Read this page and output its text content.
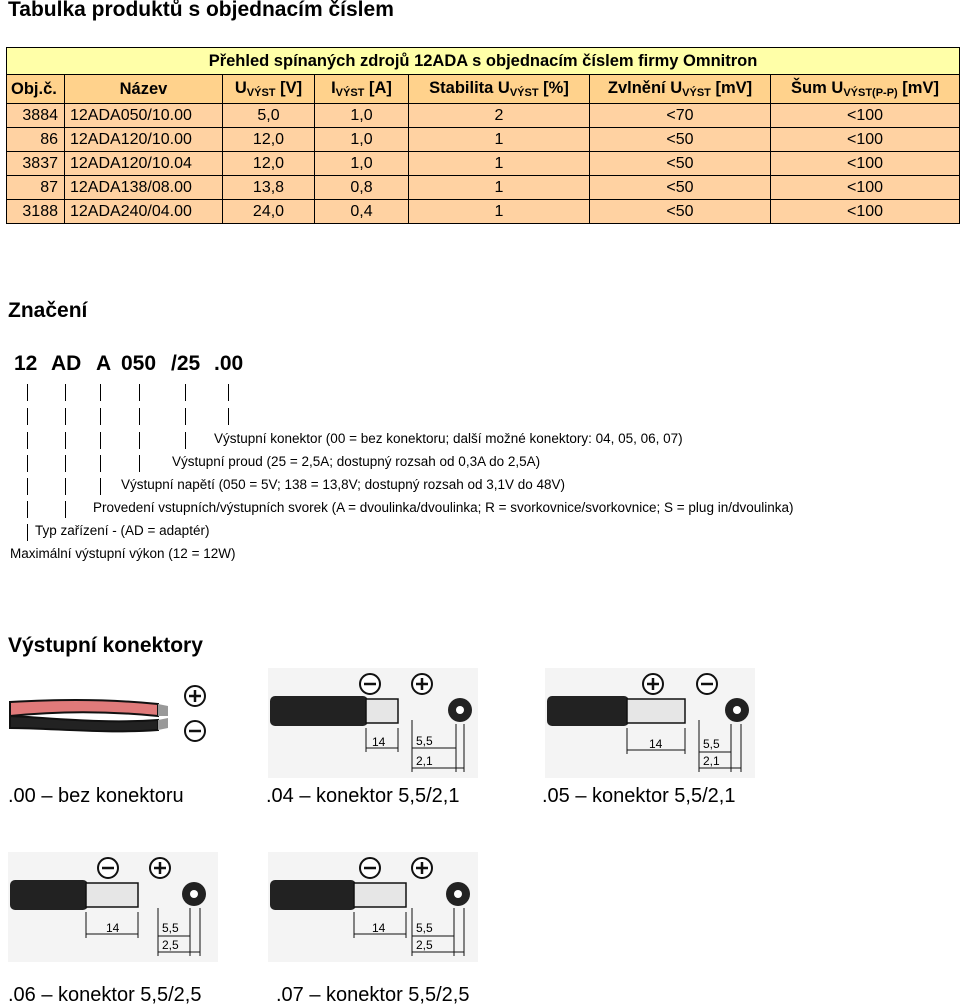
Tabulka produktů s objednacím číslem
Přehled spínaných zdrojů 12ADA s objednacím číslem firmy Omnitron						
Obj.č.	Název	$U_{VÝST}$ [V]	$I_{VÝST}$ [A]	Stabilita $U_{VÝST}$ [%]	Zvlnění $U_{VÝST}$ [mV]	Šum $U_{VÝST(P-P)}$ [mV]
3884	12ADA050/10.00	5,0	1,0	2	<70	<100
86	12ADA120/10.00	12,0	1,0	1	<50	<100
3837	12ADA120/10.04	12,0	1,0	1	<50	<100
87	12ADA138/08.00	13,8	0,8	1	<50	<100
3188	12ADA240/04.00	24,0	0,4	1	<50	<100
Značení
12 AD A 050 /25 .00
Výstupní konektor (00 = bez konektoru; další možné konektory: 04, 05, 06, 07)
Výstupní proud (25 = 2,5A; dostupný rozsah od 0,3A do 2,5A)
Výstupní napětí (050 = 5V; 138 = 13,8V; dostupný rozsah od 3,1V do 48V)
Provedení vstupních/výstupních svorek (A = dvoulinka/dvoulinka; R = svorkovnice/svorkovnice; S = plug in/dvoulinka)
Typ zařízení - (AD = adaptér)
Maximální výstupní výkon (12 = 12W)
Výstupní konektory
14	5,5
2,1
14	5,5
2,1
14	5,5
2,5
14	5,5
2,5
.00 – bez konektoru	.04 – konektor 5,5/2,1	.05 – konektor 5,5/2,1
.06 – konektor 5,5/2,5	.07 – konektor 5,5/2,5
